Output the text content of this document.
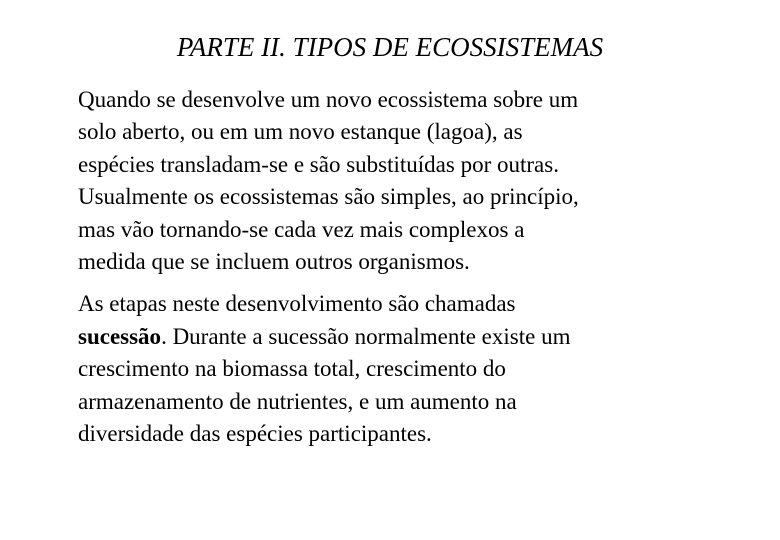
PARTE II. TIPOS DE ECOSSISTEMAS

Quando se desenvolve um novo ecossistema sobre um
solo aberto, ou em um novo estanque (lagoa), as
espécies transladam-se e são substituídas por outras.
Usualmente os ecossistemas são simples, ao princípio,
mas vão tornando-se cada vez mais complexos a
medida que se incluem outros organismos.

As etapas neste desenvolvimento são chamadas
sucessão. Durante a sucessão normalmente existe um
crescimento na biomassa total, crescimento do
armazenamento de nutrientes, e um aumento na
diversidade das espécies participantes.
